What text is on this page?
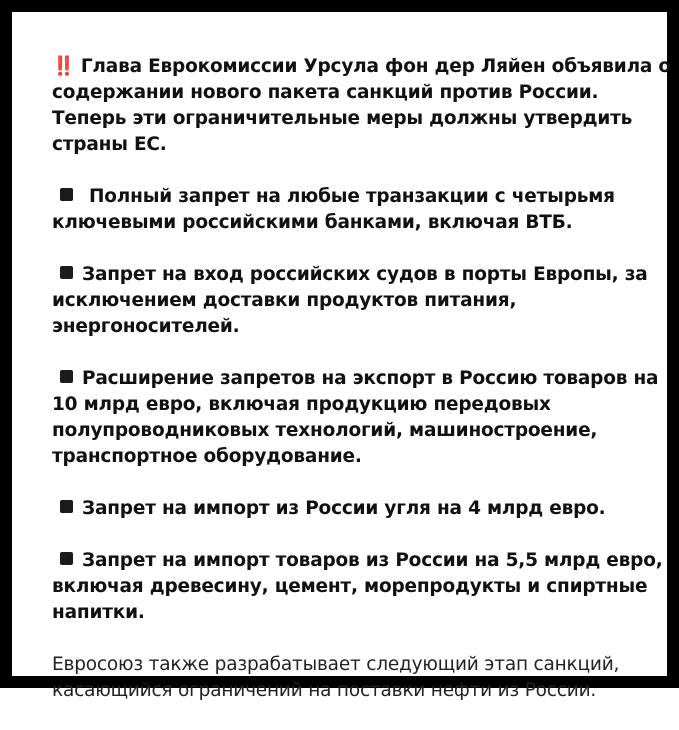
‼️ Глава Еврокомиссии Урсула фон дер Ляйен объявила о содержании нового пакета санкций против России. Теперь эти ограничительные меры должны утвердить страны ЕС.

Полный запрет на любые транзакции с четырьмя ключевыми российскими банками, включая ВТБ.

Запрет на вход российских судов в порты Европы, за исключением доставки продуктов питания, энергоносителей.

Расширение запретов на экспорт в Россию товаров на 10 млрд евро, включая продукцию передовых полупроводниковых технологий, машиностроение, транспортное оборудование.

Запрет на импорт из России угля на 4 млрд евро.

Запрет на импорт товаров из России на 5,5 млрд евро, включая древесину, цемент, морепродукты и спиртные напитки.

Евросоюз также разрабатывает следующий этап санкций, касающийся ограничений на поставки нефти из России.
